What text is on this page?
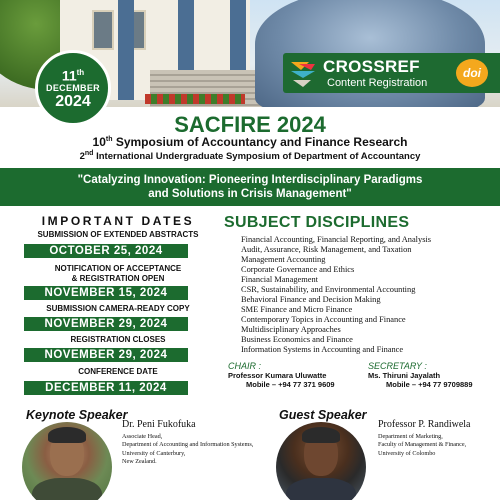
11th
DECEMBER
2024
CROSSREF
Content Registration
doi
SACFIRE 2024
10th Symposium of Accountancy and Finance Research
2nd International Undergraduate Symposium of Department of Accountancy
"Catalyzing Innovation: Pioneering Interdisciplinary Paradigms
and Solutions in Crisis Management"
IMPORTANT DATES
SUBMISSION OF EXTENDED ABSTRACTS
OCTOBER 25, 2024
NOTIFICATION OF ACCEPTANCE
& REGISTRATION OPEN
NOVEMBER 15, 2024
SUBMISSION CAMERA-READY COPY
NOVEMBER 29, 2024
REGISTRATION CLOSES
NOVEMBER 29, 2024
CONFERENCE DATE
DECEMBER 11, 2024
SUBJECT DISCIPLINES
Financial Accounting, Financial Reporting, and Analysis
Audit, Assurance, Risk Management, and Taxation
Management Accounting
Corporate Governance and Ethics
Financial Management
CSR, Sustainability, and Environmental Accounting
Behavioral Finance and Decision Making
SME Finance and Micro Finance
Contemporary Topics in Accounting and Finance
Multidisciplinary Approaches
Business Economics and Finance
Information Systems in Accounting and Finance
CHAIR :
Professor Kumara Uluwatte
Mobile – +94 77 371 9609
SECRETARY :
Ms. Thiruni Jayalath
Mobile – +94 77 9709889
Keynote Speaker
Dr. Peni Fukofuka
Associate Head,
Department of Accounting and Information Systems,
University of Canterbury,
New Zealand.
Guest Speaker
Professor P. Randiwela
Department of Marketing,
Faculty of Management & Finance,
University of Colombo
